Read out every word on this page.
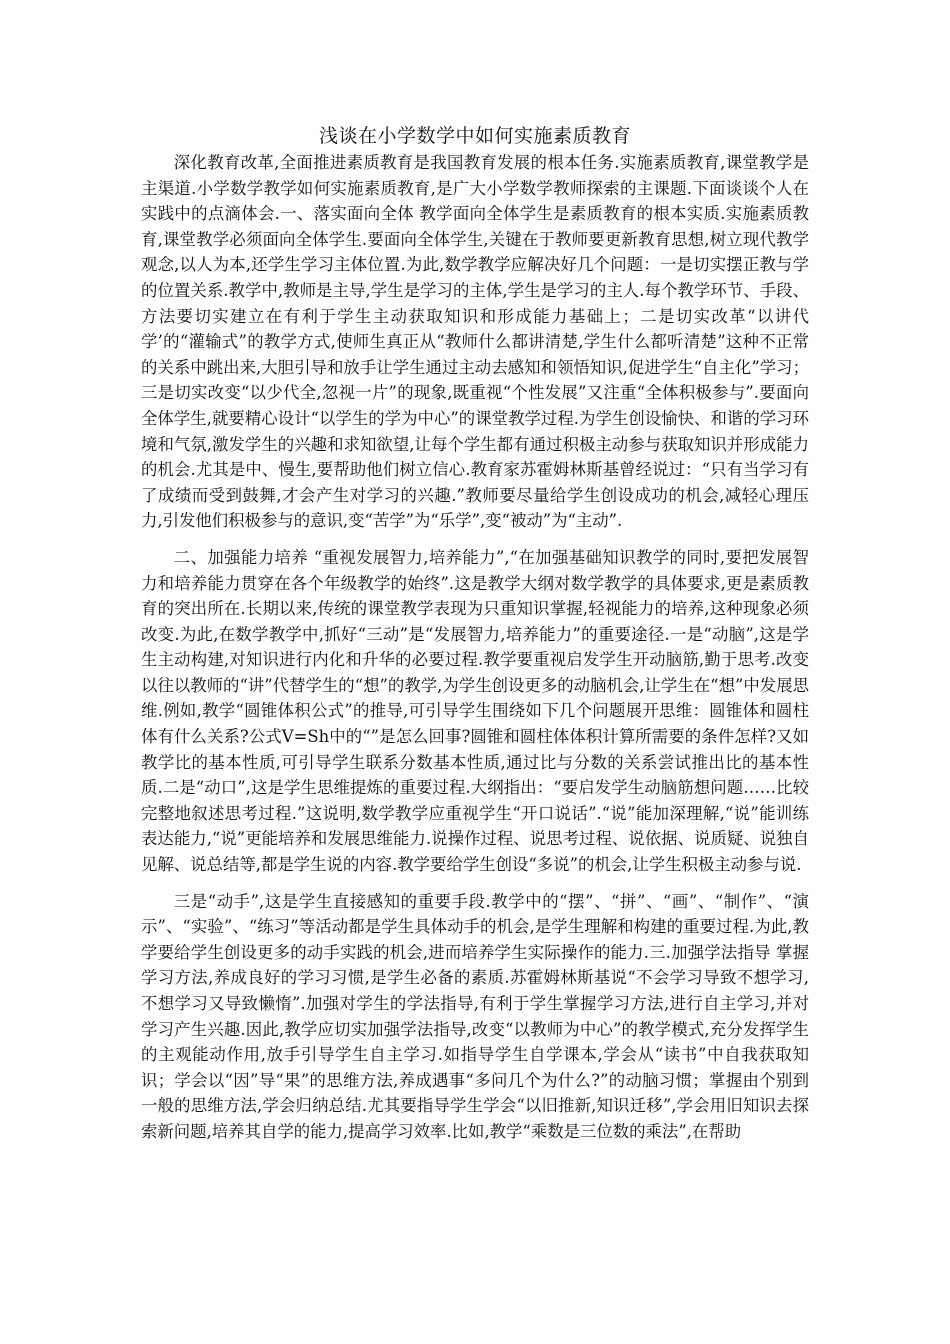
浅谈在小学数学中如何实施素质教育

深化教育改革,全面推进素质教育是我国教育发展的根本任务.实施素质教育,课堂教学是主渠道.小学数学教学如何实施素质教育,是广大小学数学教师探索的主课题.下面谈谈个人在实践中的点滴体会.一、落实面向全体 教学面向全体学生是素质教育的根本实质.实施素质教育,课堂教学必须面向全体学生.要面向全体学生,关键在于教师要更新教育思想,树立现代教学观念,以人为本,还学生学习主体位置.为此,数学教学应解决好几个问题：一是切实摆正教与学的位置关系.教学中,教师是主导,学生是学习的主体,学生是学习的主人.每个教学环节、手段、方法要切实建立在有利于学生主动获取知识和形成能力基础上；二是切实改革“以讲代学’的“灌输式”的教学方式,使师生真正从“教师什么都讲清楚,学生什么都听清楚”这种不正常的关系中跳出来,大胆引导和放手让学生通过主动去感知和领悟知识,促进学生“自主化”学习；三是切实改变“以少代全,忽视一片”的现象,既重视“个性发展”又注重“全体积极参与”.要面向全体学生,就要精心设计“以学生的学为中心”的课堂教学过程.为学生创设愉快、和谐的学习环境和气氛,激发学生的兴趣和求知欲望,让每个学生都有通过积极主动参与获取知识并形成能力的机会.尤其是中、慢生,要帮助他们树立信心.教育家苏霍姆林斯基曾经说过：“只有当学习有了成绩而受到鼓舞,才会产生对学习的兴趣.”教师要尽量给学生创设成功的机会,减轻心理压力,引发他们积极参与的意识,变“苦学”为“乐学”,变“被动”为“主动”.

二、加强能力培养 “重视发展智力,培养能力”,“在加强基础知识教学的同时,要把发展智力和培养能力贯穿在各个年级教学的始终”.这是教学大纲对数学教学的具体要求,更是素质教育的突出所在.长期以来,传统的课堂教学表现为只重知识掌握,轻视能力的培养,这种现象必须改变.为此,在数学教学中,抓好“三动”是“发展智力,培养能力”的重要途径.一是“动脑”,这是学生主动构建,对知识进行内化和升华的必要过程.教学要重视启发学生开动脑筋,勤于思考.改变以往以教师的“讲”代替学生的“想”的教学,为学生创设更多的动脑机会,让学生在“想”中发展思维.例如,教学“圆锥体积公式”的推导,可引导学生围绕如下几个问题展开思维：圆锥体和圆柱体有什么关系?公式V=Sh中的“”是怎么回事?圆锥和圆柱体体积计算所需要的条件怎样?又如教学比的基本性质,可引导学生联系分数基本性质,通过比与分数的关系尝试推出比的基本性质.二是“动口”,这是学生思维提炼的重要过程.大纲指出：“要启发学生动脑筋想问题……比较完整地叙述思考过程.”这说明,数学教学应重视学生“开口说话”.“说”能加深理解,“说”能训练表达能力,“说”更能培养和发展思维能力.说操作过程、说思考过程、说依据、说质疑、说独自见解、说总结等,都是学生说的内容.教学要给学生创设“多说”的机会,让学生积极主动参与说.

三是“动手”,这是学生直接感知的重要手段.教学中的“摆”、“拼”、“画”、“制作”、“演示”、“实验”、“练习”等活动都是学生具体动手的机会,是学生理解和构建的重要过程.为此,教学要给学生创设更多的动手实践的机会,进而培养学生实际操作的能力.三.加强学法指导 掌握学习方法,养成良好的学习习惯,是学生必备的素质.苏霍姆林斯基说“不会学习导致不想学习,不想学习又导致懒惰”.加强对学生的学法指导,有利于学生掌握学习方法,进行自主学习,并对学习产生兴趣.因此,教学应切实加强学法指导,改变“以教师为中心”的教学模式,充分发挥学生的主观能动作用,放手引导学生自主学习.如指导学生自学课本,学会从“读书”中自我获取知识；学会以“因”导“果”的思维方法,养成遇事“多问几个为什么?”的动脑习惯；掌握由个别到一般的思维方法,学会归纳总结.尤其要指导学生学会“以旧推新,知识迁移”,学会用旧知识去探索新问题,培养其自学的能力,提高学习效率.比如,教学“乘数是三位数的乘法”,在帮助
